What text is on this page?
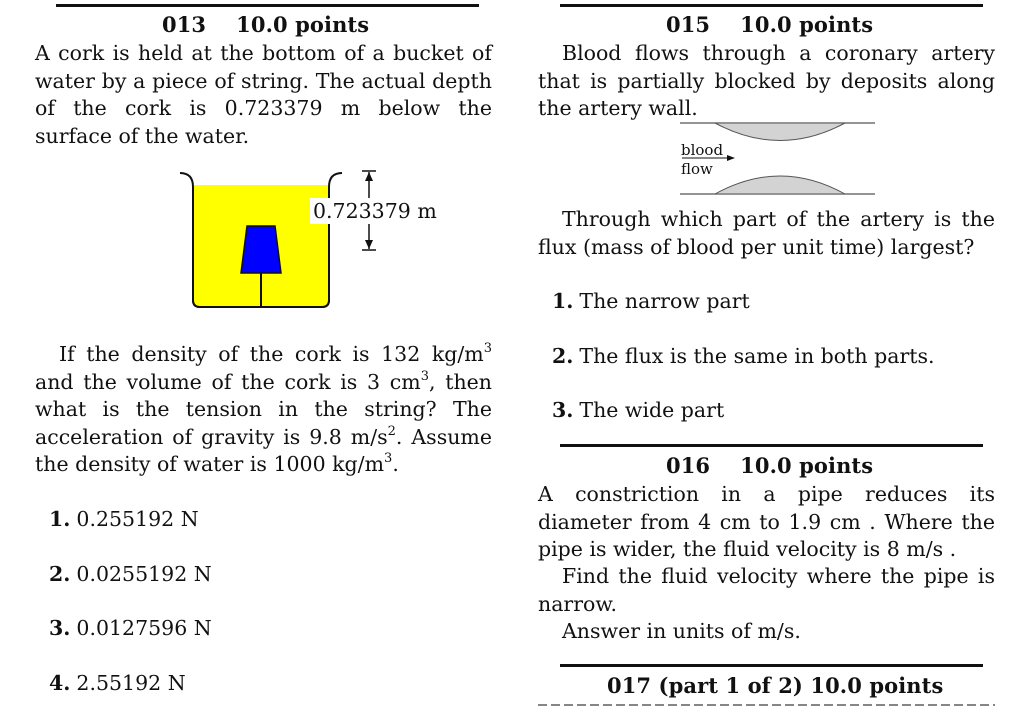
013 10.0 points
A cork is held at the bottom of a bucket of water by a piece of string. The actual depth of the cork is 0.723379 m below the surface of the water.
0.723379 m
If the density of the cork is 132 $kg/m^3$ and the volume of the cork is 3 $cm^3$, then what is the tension in the string? The acceleration of gravity is 9.8 $m/s^2$. Assume the density of water is 1000 $kg/m^3$.
1. 0.255192 N
2. 0.0255192 N
3. 0.0127596 N
4. 2.55192 N
015 10.0 points
Blood flows through a coronary artery that is partially blocked by deposits along the artery wall.
blood
flow
Through which part of the artery is the flux (mass of blood per unit time) largest?
1. The narrow part
2. The flux is the same in both parts.
3. The wide part
016 10.0 points
A constriction in a pipe reduces its diameter from 4 cm to 1.9 cm . Where the pipe is wider, the fluid velocity is 8 m/s .
Find the fluid velocity where the pipe is narrow.
Answer in units of m/s.
017 (part 1 of 2) 10.0 points
